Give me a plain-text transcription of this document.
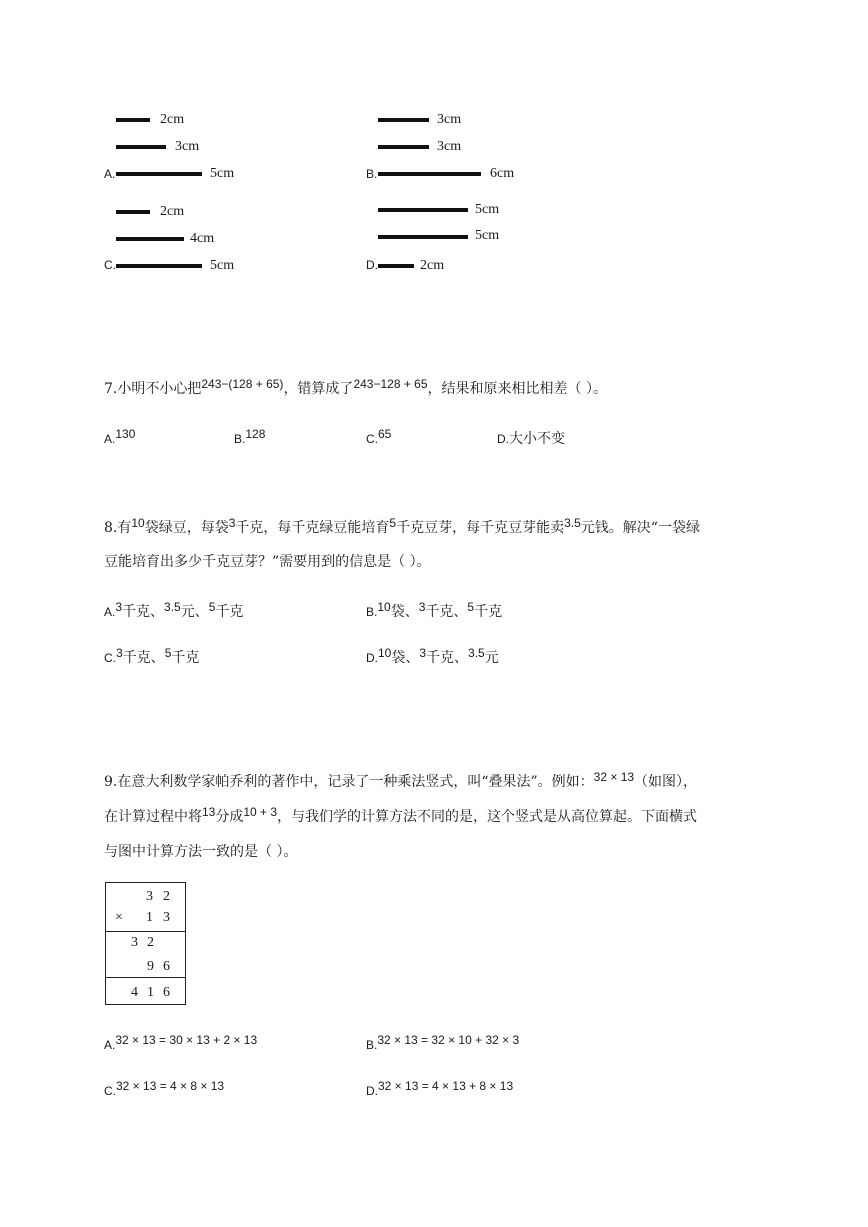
2cm
3cm
A.	5cm
3cm
3cm
B.	6cm
2cm
4cm
C.	5cm
5cm
5cm
D.	2cm
7.小明不小心把243−(128 + 65)，错算成了243−128 + 65，结果和原来相比相差（ ）。
A.130	B.128	C.65	D.大小不变
8.有10袋绿豆，每袋3千克，每千克绿豆能培育5千克豆芽，每千克豆芽能卖3.5元钱。解决“一袋绿
豆能培育出多少千克豆芽？”需要用到的信息是（ ）。
A.3千克、3.5元、5千克	B.10袋、3千克、5千克
C.3千克、5千克	D.10袋、3千克、3.5元
9.在意大利数学家帕乔利的著作中，记录了一种乘法竖式，叫“叠果法”。例如：32 × 13（如图），
在计算过程中将13分成10 + 3，与我们学的计算方法不同的是，这个竖式是从高位算起。下面横式
与图中计算方法一致的是（ ）。
3 2
× 1 3
3 2
9 6
4 1 6
A.32 × 13 = 30 × 13 + 2 × 13	B.32 × 13 = 32 × 10 + 32 × 3
C.32 × 13 = 4 × 8 × 13	D.32 × 13 = 4 × 13 + 8 × 13
